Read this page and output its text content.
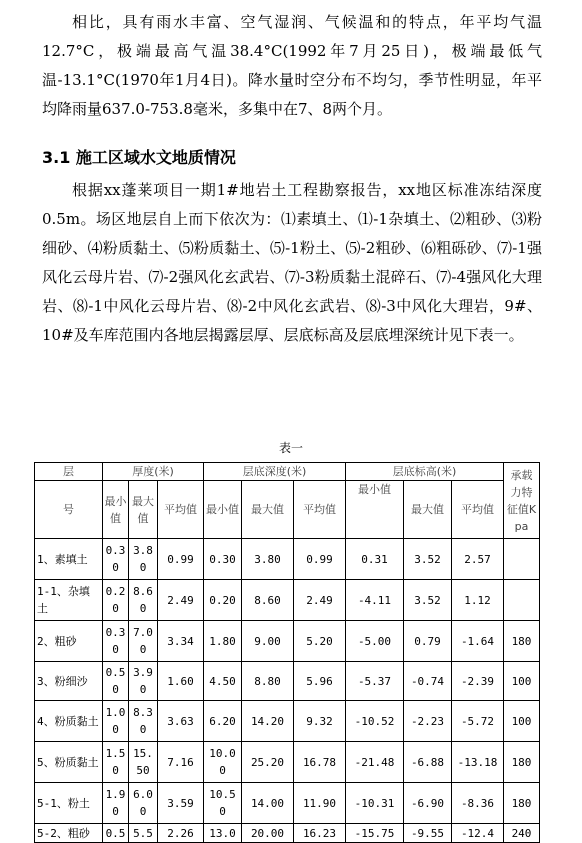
相比，具有雨水丰富、空气湿润、气候温和的特点，年平均气温12.7°C，极端最高气温38.4°C(1992年7月25日)，极端最低气温-13.1°C(1970年1月4日)。降水量时空分布不均匀，季节性明显，年平均降雨量637.0-753.8毫米，多集中在7、8两个月。
3.1 施工区域水文地质情况
根据xx蓬莱项目一期1#地岩土工程勘察报告，xx地区标准冻结深度0.5m。场区地层自上而下依次为：⑴素填土、⑴-1杂填土、⑵粗砂、⑶粉细砂、⑷粉质黏土、⑸粉质黏土、⑸-1粉土、⑸-2粗砂、⑹粗砾砂、⑺-1强风化云母片岩、⑺-2强风化玄武岩、⑺-3粉质黏土混碎石、⑺-4强风化大理岩、⑻-1中风化云母片岩、⑻-2中风化玄武岩、⑻-3中风化大理岩，9#、10#及车库范围内各地层揭露层厚、层底标高及层底埋深统计见下表一。
表一
层	厚度(米)			层底深度(米)			层底标高(米)			承载力特征值Kpa
号	最小值	最大值	平均值	最小值	最大值	平均值	最小值	最大值	平均值	
1、素填土	0.30	3.80	0.99	0.30	3.80	0.99	0.31	3.52	2.57	
1-1、杂填土	0.20	8.60	2.49	0.20	8.60	2.49	-4.11	3.52	1.12	
2、粗砂	0.30	7.00	3.34	1.80	9.00	5.20	-5.00	0.79	-1.64	180
3、粉细沙	0.50	3.90	1.60	4.50	8.80	5.96	-5.37	-0.74	-2.39	100
4、粉质黏土	1.00	8.30	3.63	6.20	14.20	9.32	-10.52	-2.23	-5.72	100
5、粉质黏土	1.50	15.50	7.16	10.00	25.20	16.78	-21.48	-6.88	-13.18	180
5-1、粉土	1.90	6.00	3.59	10.50	14.00	11.90	-10.31	-6.90	-8.36	180
5-2、粗砂	0.5	5.5	2.26	13.0	20.00	16.23	-15.75	-9.55	-12.4	240
